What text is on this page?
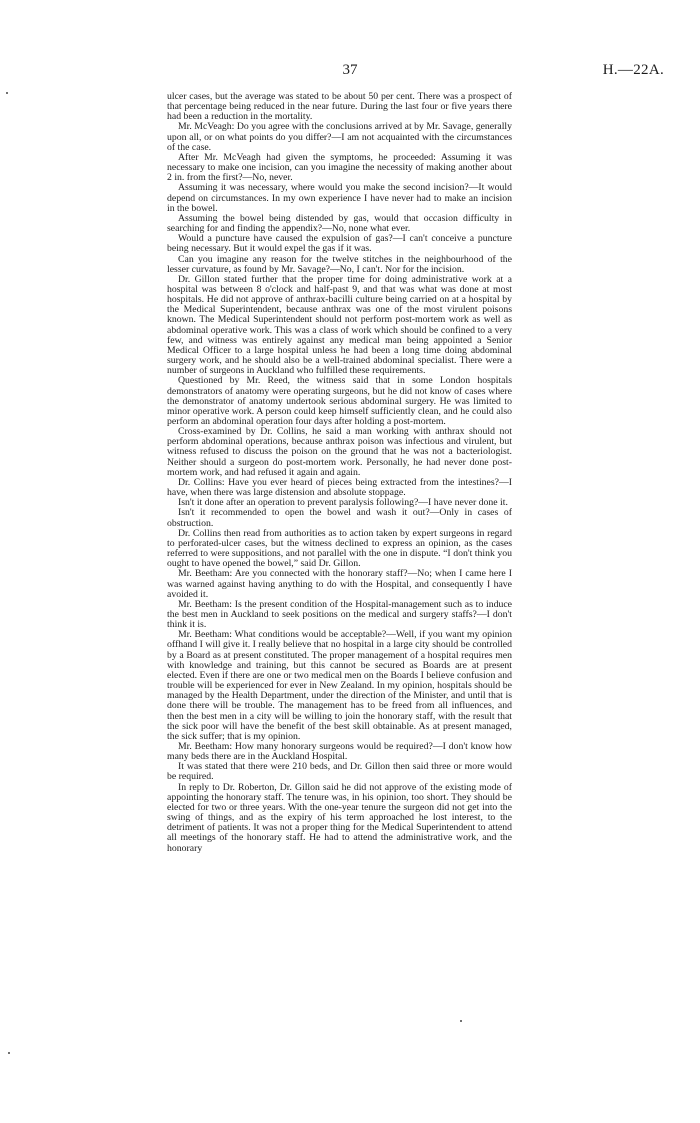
37	H.—22A.

ulcer cases, but the average was stated to be about 50 per cent. There was a prospect of that percentage being reduced in the near future. During the last four or five years there had been a reduction in the mortality.

Mr. McVeagh: Do you agree with the conclusions arrived at by Mr. Savage, generally upon all, or on what points do you differ?—I am not acquainted with the circumstances of the case.

After Mr. McVeagh had given the symptoms, he proceeded: Assuming it was necessary to make one incision, can you imagine the necessity of making another about 2 in. from the first?—No, never.

Assuming it was necessary, where would you make the second incision?—It would depend on circumstances. In my own experience I have never had to make an incision in the bowel.

Assuming the bowel being distended by gas, would that occasion difficulty in searching for and finding the appendix?—No, none what ever.

Would a puncture have caused the expulsion of gas?—I can't conceive a puncture being necessary. But it would expel the gas if it was.

Can you imagine any reason for the twelve stitches in the neighbourhood of the lesser curvature, as found by Mr. Savage?—No, I can't. Nor for the incision.

Dr. Gillon stated further that the proper time for doing administrative work at a hospital was between 8 o'clock and half-past 9, and that was what was done at most hospitals. He did not approve of anthrax-bacilli culture being carried on at a hospital by the Medical Superintendent, because anthrax was one of the most virulent poisons known. The Medical Superintendent should not perform post-mortem work as well as abdominal operative work. This was a class of work which should be confined to a very few, and witness was entirely against any medical man being appointed a Senior Medical Officer to a large hospital unless he had been a long time doing abdominal surgery work, and he should also be a well-trained abdominal specialist. There were a number of surgeons in Auckland who fulfilled these requirements.

Questioned by Mr. Reed, the witness said that in some London hospitals demonstrators of anatomy were operating surgeons, but he did not know of cases where the demonstrator of anatomy undertook serious abdominal surgery. He was limited to minor operative work. A person could keep himself sufficiently clean, and he could also perform an abdominal operation four days after holding a post-mortem.

Cross-examined by Dr. Collins, he said a man working with anthrax should not perform abdominal operations, because anthrax poison was infectious and virulent, but witness refused to discuss the poison on the ground that he was not a bacteriologist. Neither should a surgeon do post-mortem work. Personally, he had never done post-mortem work, and had refused it again and again.

Dr. Collins: Have you ever heard of pieces being extracted from the intestines?—I have, when there was large distension and absolute stoppage.

Isn't it done after an operation to prevent paralysis following?—I have never done it.

Isn't it recommended to open the bowel and wash it out?—Only in cases of obstruction.

Dr. Collins then read from authorities as to action taken by expert surgeons in regard to perforated-ulcer cases, but the witness declined to express an opinion, as the cases referred to were suppositions, and not parallel with the one in dispute. “I don't think you ought to have opened the bowel,” said Dr. Gillon.

Mr. Beetham: Are you connected with the honorary staff?—No; when I came here I was warned against having anything to do with the Hospital, and consequently I have avoided it.

Mr. Beetham: Is the present condition of the Hospital-management such as to induce the best men in Auckland to seek positions on the medical and surgery staffs?—I don't think it is.

Mr. Beetham: What conditions would be acceptable?—Well, if you want my opinion offhand I will give it. I really believe that no hospital in a large city should be controlled by a Board as at present constituted. The proper management of a hospital requires men with knowledge and training, but this cannot be secured as Boards are at present elected. Even if there are one or two medical men on the Boards I believe confusion and trouble will be experienced for ever in New Zealand. In my opinion, hospitals should be managed by the Health Department, under the direction of the Minister, and until that is done there will be trouble. The management has to be freed from all influences, and then the best men in a city will be willing to join the honorary staff, with the result that the sick poor will have the benefit of the best skill obtainable. As at present managed, the sick suffer; that is my opinion.

Mr. Beetham: How many honorary surgeons would be required?—I don't know how many beds there are in the Auckland Hospital.

It was stated that there were 210 beds, and Dr. Gillon then said three or more would be required.

In reply to Dr. Roberton, Dr. Gillon said he did not approve of the existing mode of appointing the honorary staff. The tenure was, in his opinion, too short. They should be elected for two or three years. With the one-year tenure the surgeon did not get into the swing of things, and as the expiry of his term approached he lost interest, to the detriment of patients. It was not a proper thing for the Medical Superintendent to attend all meetings of the honorary staff. He had to attend the administrative work, and the honorary
